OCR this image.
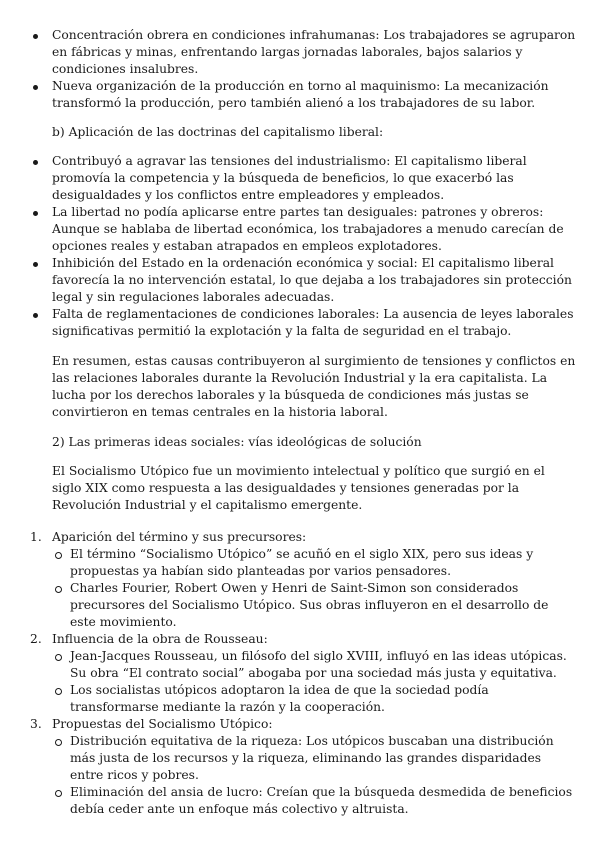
Concentración obrera en condiciones infrahumanas: Los trabajadores se agruparon en fábricas y minas, enfrentando largas jornadas laborales, bajos salarios y condiciones insalubres.
Nueva organización de la producción en torno al maquinismo: La mecanización transformó la producción, pero también alienó a los trabajadores de su labor.
b) Aplicación de las doctrinas del capitalismo liberal:
Contribuyó a agravar las tensiones del industrialismo: El capitalismo liberal promovía la competencia y la búsqueda de beneficios, lo que exacerbó las desigualdades y los conflictos entre empleadores y empleados.
La libertad no podía aplicarse entre partes tan desiguales: patrones y obreros: Aunque se hablaba de libertad económica, los trabajadores a menudo carecían de opciones reales y estaban atrapados en empleos explotadores.
Inhibición del Estado en la ordenación económica y social: El capitalismo liberal favorecía la no intervención estatal, lo que dejaba a los trabajadores sin protección legal y sin regulaciones laborales adecuadas.
Falta de reglamentaciones de condiciones laborales: La ausencia de leyes laborales significativas permitió la explotación y la falta de seguridad en el trabajo.

En resumen, estas causas contribuyeron al surgimiento de tensiones y conflictos en las relaciones laborales durante la Revolución Industrial y la era capitalista. La lucha por los derechos laborales y la búsqueda de condiciones más justas se convirtieron en temas centrales en la historia laboral.

2) Las primeras ideas sociales: vías ideológicas de solución

El Socialismo Utópico fue un movimiento intelectual y político que surgió en el siglo XIX como respuesta a las desigualdades y tensiones generadas por la Revolución Industrial y el capitalismo emergente.

1. Aparición del término y sus precursores:
El término “Socialismo Utópico” se acuñó en el siglo XIX, pero sus ideas y propuestas ya habían sido planteadas por varios pensadores.
Charles Fourier, Robert Owen y Henri de Saint-Simon son considerados precursores del Socialismo Utópico. Sus obras influyeron en el desarrollo de este movimiento.
2. Influencia de la obra de Rousseau:
Jean-Jacques Rousseau, un filósofo del siglo XVIII, influyó en las ideas utópicas. Su obra “El contrato social” abogaba por una sociedad más justa y equitativa.
Los socialistas utópicos adoptaron la idea de que la sociedad podía transformarse mediante la razón y la cooperación.
3. Propuestas del Socialismo Utópico:
Distribución equitativa de la riqueza: Los utópicos buscaban una distribución más justa de los recursos y la riqueza, eliminando las grandes disparidades entre ricos y pobres.
Eliminación del ansia de lucro: Creían que la búsqueda desmedida de beneficios debía ceder ante un enfoque más colectivo y altruista.
